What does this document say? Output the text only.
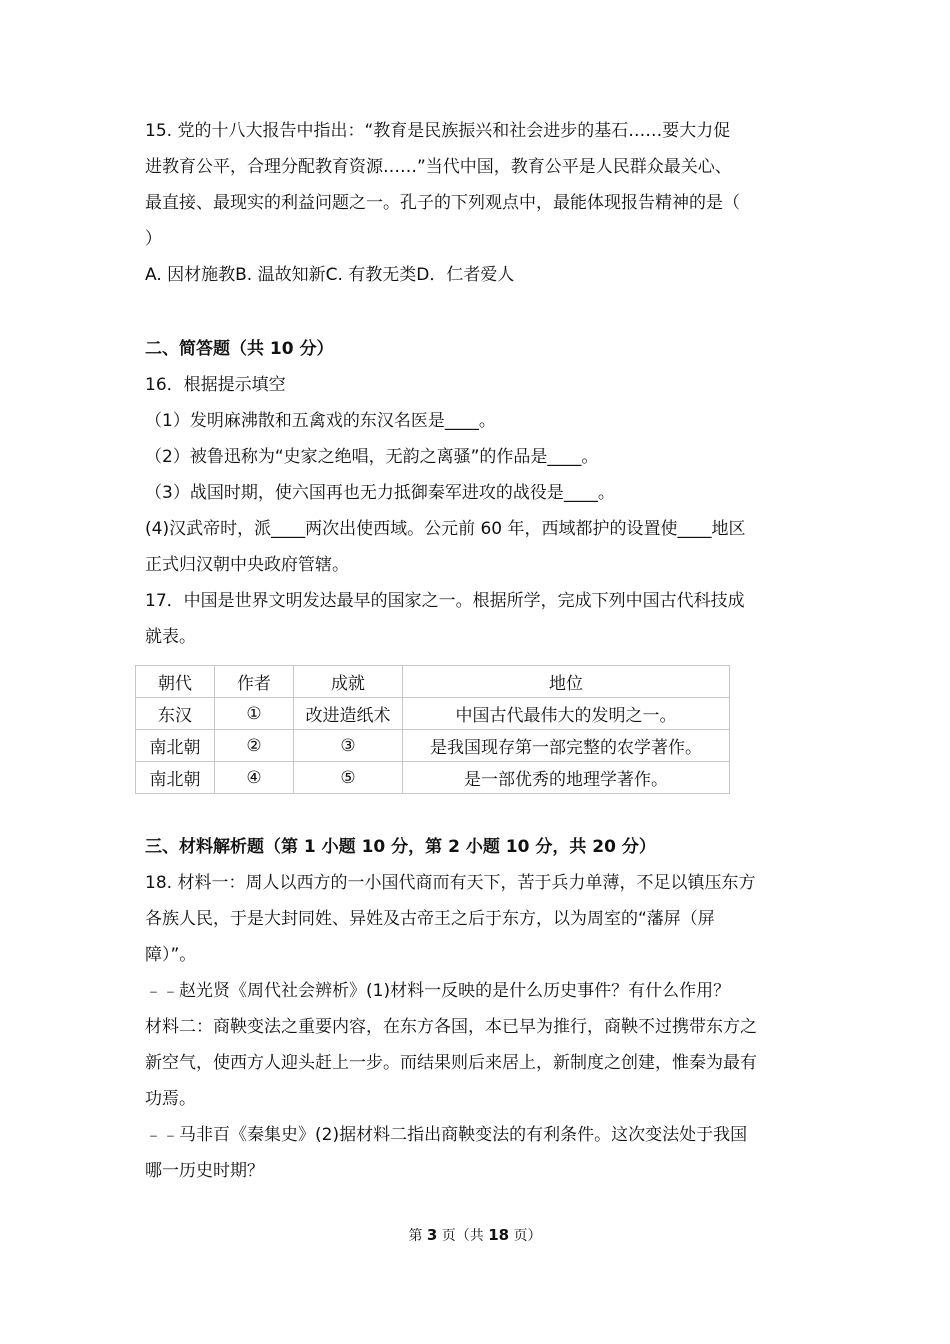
15. 党的十八大报告中指出：“教育是民族振兴和社会进步的基石……要大力促
进教育公平，合理分配教育资源……”当代中国，教育公平是人民群众最关心、
最直接、最现实的利益问题之一。孔子的下列观点中，最能体现报告精神的是（
）
A. 因材施教B. 温故知新C. 有教无类D．仁者爱人
二、简答题（共 10 分）
16．根据提示填空
（1）发明麻沸散和五禽戏的东汉名医是____。
（2）被鲁迅称为“史家之绝唱，无韵之离骚”的作品是____。
（3）战国时期，使六国再也无力抵御秦军进攻的战役是____。
(4)汉武帝时，派____两次出使西域。公元前 60 年，西域都护的设置使____地区
正式归汉朝中央政府管辖。
17．中国是世界文明发达最早的国家之一。根据所学，完成下列中国古代科技成
就表。
朝代	作者	成就	地位
东汉	①	改进造纸术	中国古代最伟大的发明之一。
南北朝	②	③	是我国现存第一部完整的农学著作。
南北朝	④	⑤	是一部优秀的地理学著作。
三、材料解析题（第 1 小题 10 分，第 2 小题 10 分，共 20 分）
18. 材料一：周人以西方的一小国代商而有天下，苦于兵力单薄，不足以镇压东方
各族人民，于是大封同姓、异姓及古帝王之后于东方，以为周室的“藩屏（屏
障）”。
﹣﹣赵光贤《周代社会辨析》(1)材料一反映的是什么历史事件？有什么作用？
材料二：商鞅变法之重要内容，在东方各国，本已早为推行，商鞅不过携带东方之
新空气，使西方人迎头赶上一步。而结果则后来居上，新制度之创建，惟秦为最有
功焉。
﹣﹣马非百《秦集史》(2)据材料二指出商鞅变法的有利条件。这次变法处于我国
哪一历史时期？
第 3 页（共 18 页）
